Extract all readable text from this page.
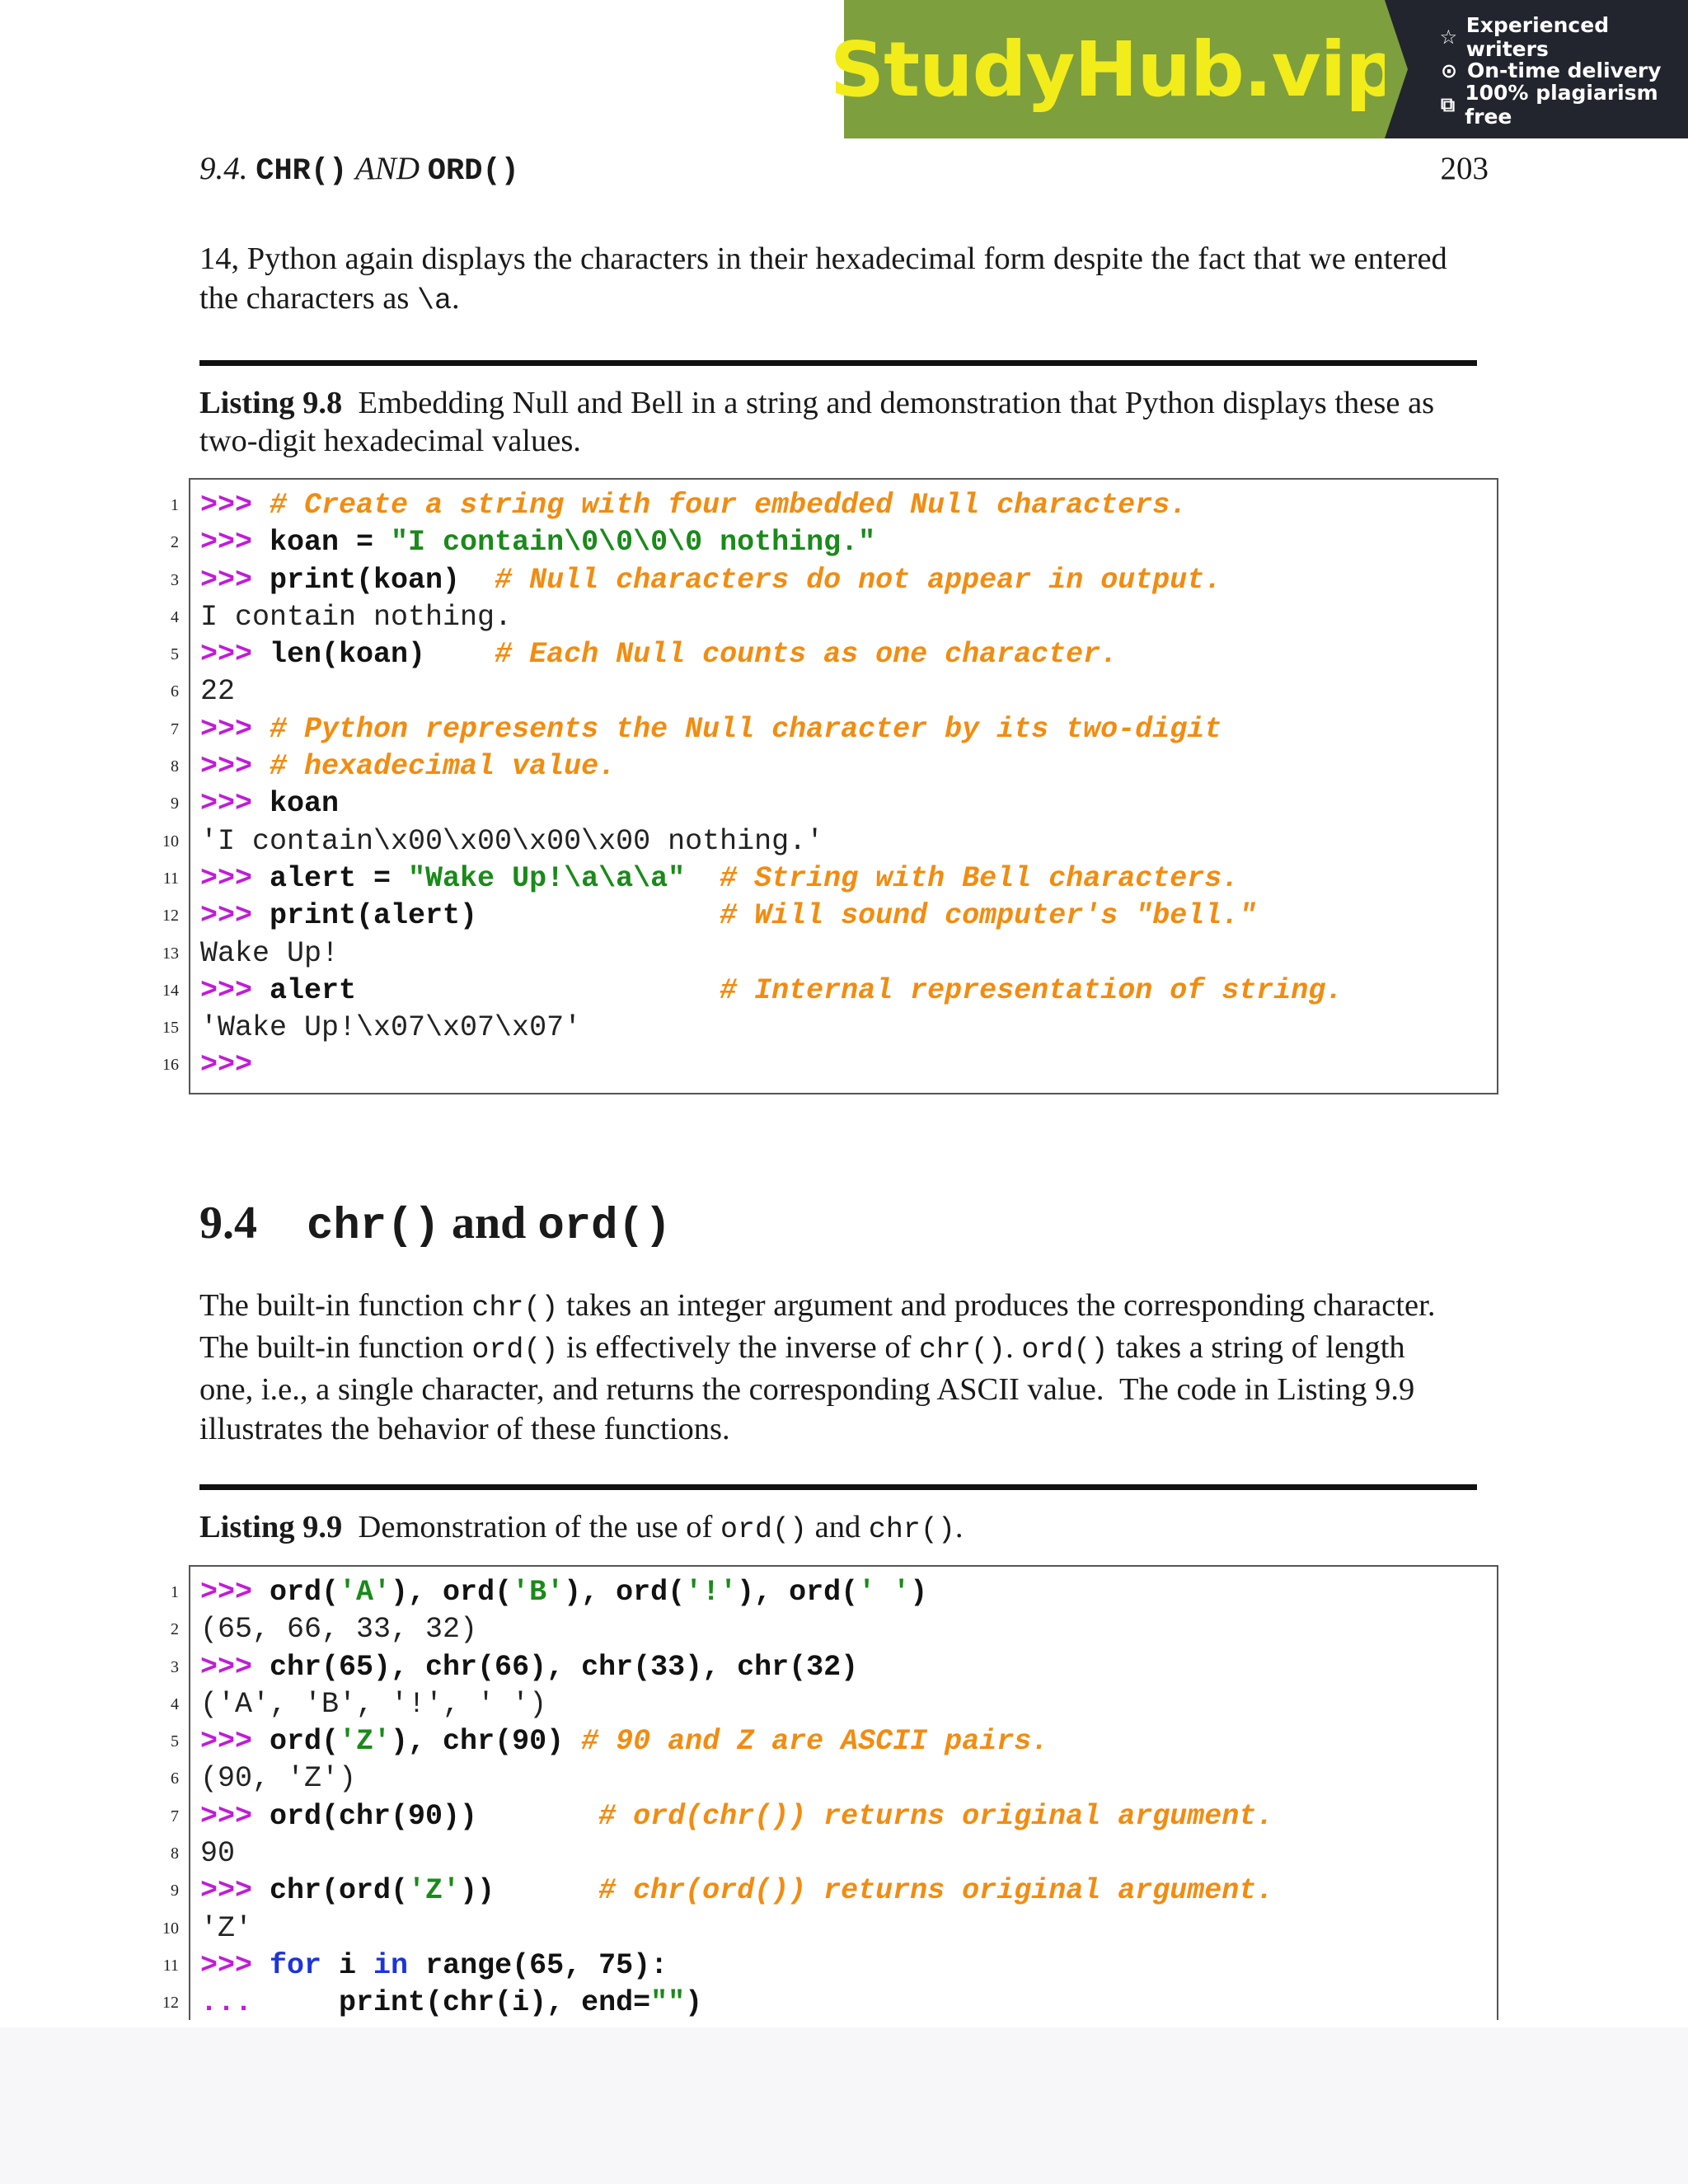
StudyHub.vip ☆ Experienced writers
⊙ On-time delivery
⧉ 100% plagiarism free
9.4. CHR() AND ORD()	203
14, Python again displays the characters in their hexadecimal form despite the fact that we entered
the characters as \a.
Listing 9.8 Embedding Null and Bell in a string and demonstration that Python displays these as two-digit hexadecimal values.
1 >>> # Create a string with four embedded Null characters.
2 >>> koan = "I contain\0\0\0\0 nothing."
3 >>> print(koan) # Null characters do not appear in output.
4 I contain nothing.
5 >>> len(koan) # Each Null counts as one character.
6 22
7 >>> # Python represents the Null character by its two-digit
8 >>> # hexadecimal value.
9 >>> koan
10 'I contain\x00\x00\x00\x00 nothing.'
11 >>> alert = "Wake Up!\a\a\a" # String with Bell characters.
12 >>> print(alert)	# Will sound computer's "bell."
13 Wake Up!
14 >>> alert	# Internal representation of string.
15 'Wake Up!\x07\x07\x07'
16 >>>
9.4 chr() and ord()
The built-in function chr() takes an integer argument and produces the corresponding character.
The built-in function ord() is effectively the inverse of chr(). ord() takes a string of length
one, i.e., a single character, and returns the corresponding ASCII value.  The code in Listing 9.9
illustrates the behavior of these functions.
Listing 9.9 Demonstration of the use of ord() and chr().
1 >>> ord('A'), ord('B'), ord('!'), ord(' ')
2 (65, 66, 33, 32)
3 >>> chr(65), chr(66), chr(33), chr(32)
4 ('A', 'B', '!', ' ')
5 >>> ord('Z'), chr(90) # 90 and Z are ASCII pairs.
6 (90, 'Z')
7 >>> ord(chr(90))	# ord(chr()) returns original argument.
8 90
9 >>> chr(ord('Z'))	# chr(ord()) returns original argument.
10 'Z'
11 >>> for i in range(65, 75):
12 ...     print(chr(i), end="")
